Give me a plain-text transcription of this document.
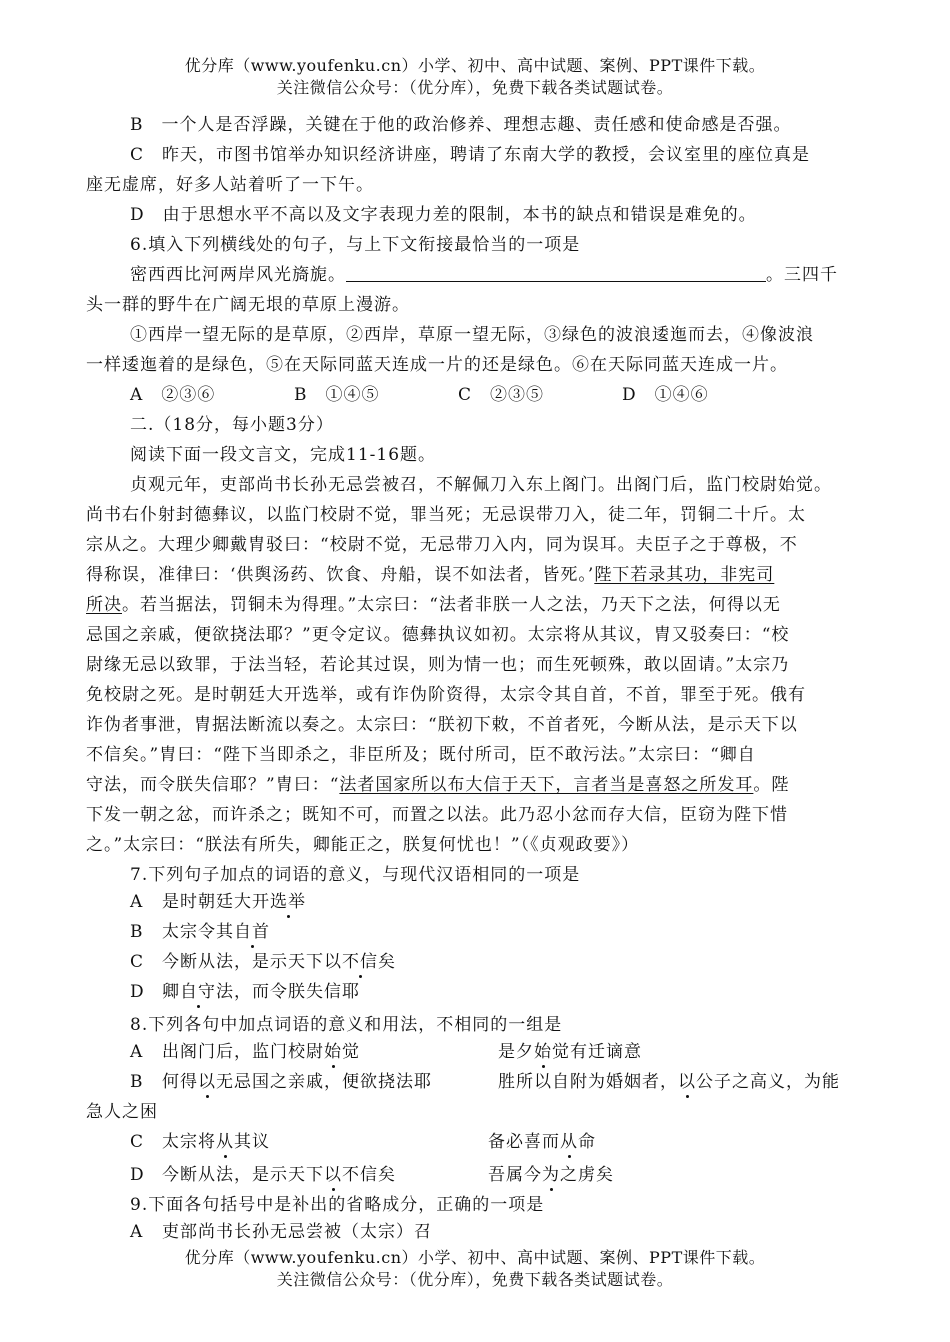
优分库（www.youfenku.cn）小学、初中、高中试题、案例、PPT课件下载。
关注微信公众号：（优分库），免费下载各类试题试卷。
B　一个人是否浮躁，关键在于他的政治修养、理想志趣、责任感和使命感是否强。
C　昨天，市图书馆举办知识经济讲座，聘请了东南大学的教授，会议室里的座位真是
座无虚席，好多人站着听了一下午。
D　由于思想水平不高以及文字表现力差的限制，本书的缺点和错误是难免的。
6.填入下列横线处的句子，与上下文衔接最恰当的一项是
密西西比河两岸风光旖旎。	。三四千
头一群的野牛在广阔无垠的草原上漫游。
①西岸一望无际的是草原，②西岸，草原一望无际，③绿色的波浪逶迤而去，④像波浪
一样逶迤着的是绿色，⑤在天际同蓝天连成一片的还是绿色。⑥在天际同蓝天连成一片。
A　②③⑥	B　①④⑤	C　②③⑤	D　①④⑥
二.（18分，每小题3分）
阅读下面一段文言文，完成11-16题。
贞观元年，吏部尚书长孙无忌尝被召，不解佩刀入东上阁门。出阁门后，监门校尉始觉。
尚书右仆射封德彝议，以监门校尉不觉，罪当死；无忌误带刀入，徒二年，罚铜二十斤。太
宗从之。大理少卿戴胄驳曰：“校尉不觉，无忌带刀入内，同为误耳。夫臣子之于尊极，不
得称误，准律曰：‘供舆汤药、饮食、舟船，误不如法者，皆死。’陛下若录其功，非宪司
所决。若当据法，罚铜未为得理。”太宗曰：“法者非朕一人之法，乃天下之法，何得以无
忌国之亲戚，便欲挠法耶？”更令定议。德彝执议如初。太宗将从其议，胄又驳奏曰：“校
尉缘无忌以致罪，于法当轻，若论其过误，则为情一也；而生死顿殊，敢以固请。”太宗乃
免校尉之死。是时朝廷大开选举，或有诈伪阶资得，太宗令其自首，不首，罪至于死。俄有
诈伪者事泄，胄据法断流以奏之。太宗曰：“朕初下敕，不首者死，今断从法，是示天下以
不信矣。”胄曰：“陛下当即杀之，非臣所及；既付所司，臣不敢污法。”太宗曰：“卿自
守法，而令朕失信耶？”胄曰：“法者国家所以布大信于天下，言者当是喜怒之所发耳。陛
下发一朝之忿，而许杀之；既知不可，而置之以法。此乃忍小忿而存大信，臣窃为陛下惜
之。”太宗曰：“朕法有所失，卿能正之，朕复何忧也！”（《贞观政要》）
7.下列句子加点的词语的意义，与现代汉语相同的一项是
A 是时朝廷大开选举
B 太宗令其自首
C 今断从法，是示天下以不信矣
D 卿自守法，而令朕失信耶
8.下列各句中加点词语的意义和用法，不相同的一组是
A 出阁门后，监门校尉始觉	是夕始觉有迁谪意
B 何得以无忌国之亲戚，便欲挠法耶	胜所以自附为婚姻者，以公子之高义，为能
急人之困
C 太宗将从其议	备必喜而从命
D 今断从法，是示天下以不信矣	吾属今为之虏矣
9.下面各句括号中是补出的省略成分，正确的一项是
A 吏部尚书长孙无忌尝被（太宗）召
优分库（www.youfenku.cn）小学、初中、高中试题、案例、PPT课件下载。
关注微信公众号：（优分库），免费下载各类试题试卷。
